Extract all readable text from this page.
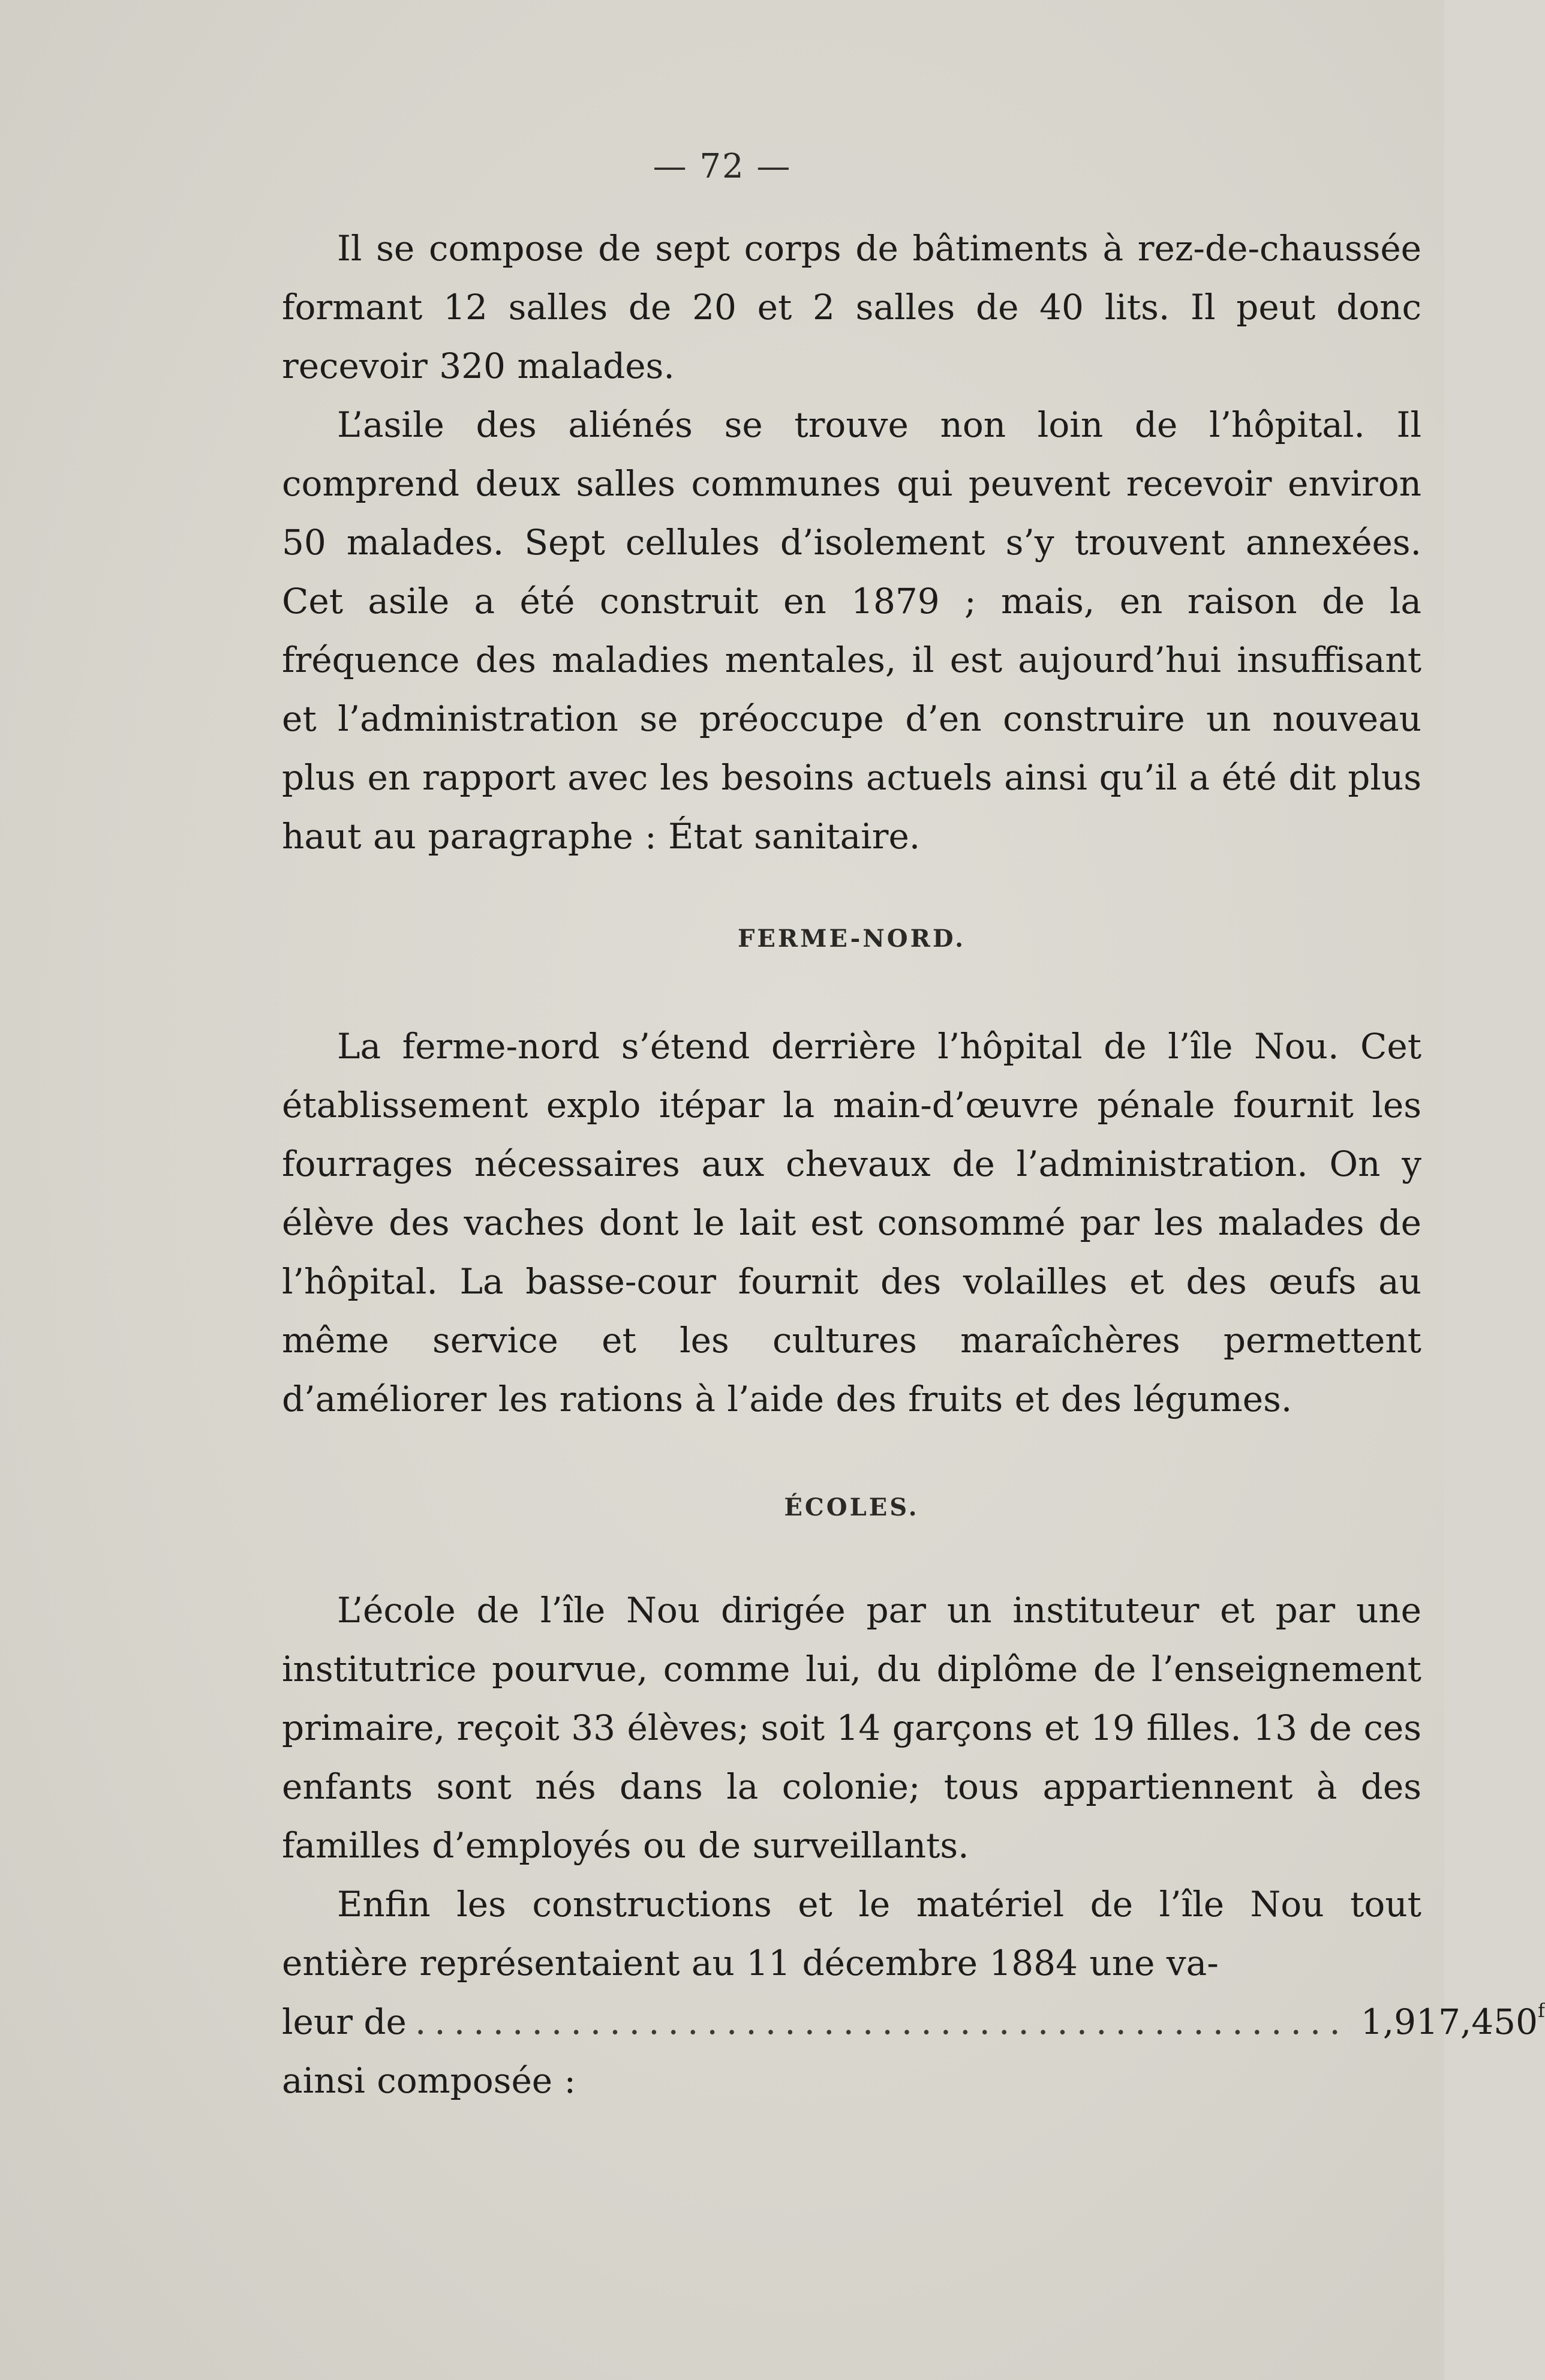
— 72 —

Il se compose de sept corps de bâtiments à rez-de-chaussée formant 12 salles de 20 et 2 salles de 40 lits. Il peut donc recevoir 320 malades.

L’asile des aliénés se trouve non loin de l’hôpital. Il comprend deux salles communes qui peuvent recevoir environ 50 malades. Sept cellules d’isolement s’y trouvent annexées. Cet asile a été construit en 1879 ; mais, en raison de la fréquence des maladies mentales, il est aujourd’hui insuffisant et l’administration se préoccupe d’en construire un nouveau plus en rapport avec les besoins actuels ainsi qu’il a été dit plus haut au paragraphe : État sanitaire.

FERME-NORD.

La ferme-nord s’étend derrière l’hôpital de l’île Nou. Cet établissement explo itépar la main-d’œuvre pénale fournit les fourrages nécessaires aux chevaux de l’administration. On y élève des vaches dont le lait est consommé par les malades de l’hôpital. La basse-cour fournit des volailles et des œufs au même service et les cultures maraîchères permettent d’améliorer les rations à l’aide des fruits et des légumes.

ÉCOLES.

L’école de l’île Nou dirigée par un instituteur et par une institutrice pourvue, comme lui, du diplôme de l’enseignement primaire, reçoit 33 élèves; soit 14 garçons et 19 filles. 13 de ces enfants sont nés dans la colonie; tous appartiennent à des familles d’employés ou de surveillants.

Enfin les constructions et le matériel de l’île Nou tout entière représentaient au 11 décembre 1884 une va-

leur de ................................................ 1,917,450$^f$

ainsi composée :
